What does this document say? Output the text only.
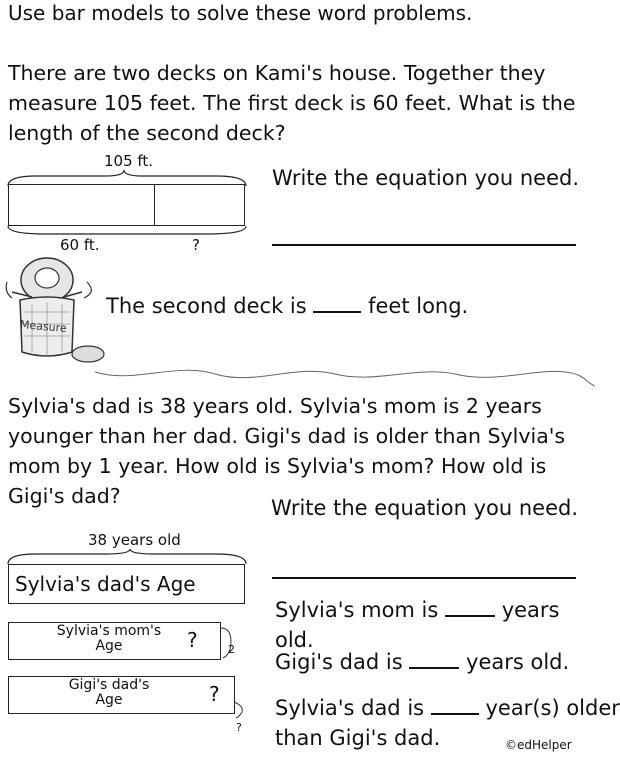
Use bar models to solve these word problems.
There are two decks on Kami's house. Together they
measure 105 feet. The first deck is 60 feet. What is the
length of the second deck?
105 ft.
60 ft.	?
Write the equation you need.
Measure
The second deck is	feet long.
Sylvia's dad is 38 years old. Sylvia's mom is 2 years
younger than her dad. Gigi's dad is older than Sylvia's
mom by 1 year. How old is Sylvia's mom? How old is
Gigi's dad?	Write the equation you need.
38 years old
Sylvia's dad's Age
Sylvia's mom's
Age	?	2
Gigi's dad's
Age	?
?
Sylvia's mom is	years old.
Gigi's dad is	years old.
Sylvia's dad is	year(s) older
than Gigi's dad.	©edHelper
